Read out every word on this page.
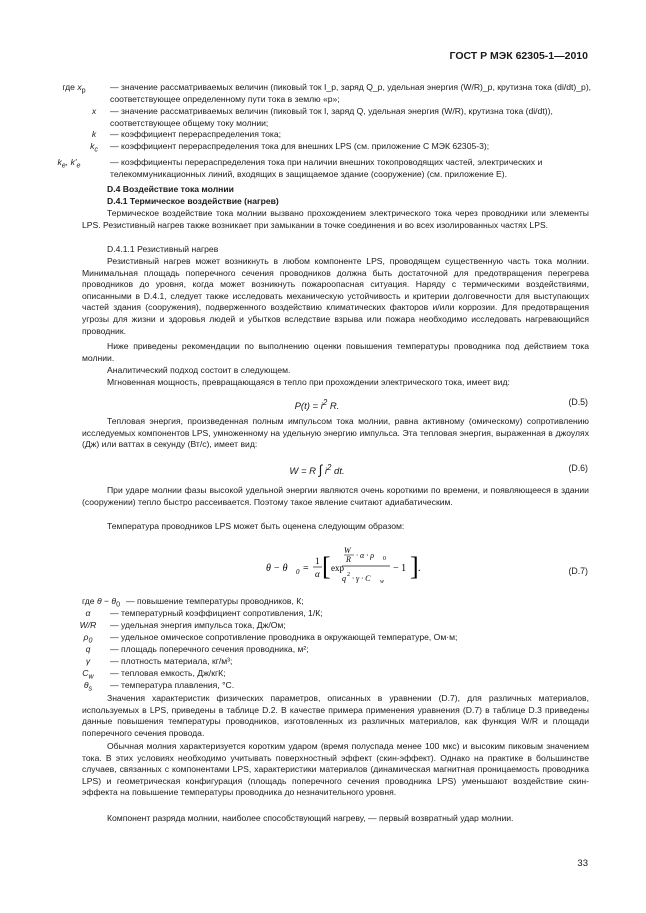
ГОСТ Р МЭК 62305-1—2010
где $x_p$	— значение рассматриваемых величин (пиковый ток I_p, заряд Q_p, удельная энергия (W/R)_p, крутизна тока (di/dt)_p), соответствующее определенному пути тока в землю «p»;
x	— значение рассматриваемых величин (пиковый ток I, заряд Q, удельная энергия (W/R), крутизна тока (di/dt)), соответствующее общему току молнии;
k	— коэффициент перераспределения тока;
$k_c$	— коэффициент перераспределения тока для внешних LPS (см. приложение С МЭК 62305-3);
$k_e$, $k'_e$	— коэффициенты перераспределения тока при наличии внешних токопроводящих частей, электрических и телекоммуникационных линий, входящих в защищаемое здание (сооружение) (см. приложение Е).
D.4 Воздействие тока молнии
D.4.1 Термическое воздействие (нагрев)
Термическое воздействие тока молнии вызвано прохождением электрического тока через проводники или элементы LPS. Резистивный нагрев также возникает при замыкании в точке соединения и во всех изолированных частях LPS.
D.4.1.1 Резистивный нагрев
Резистивный нагрев может возникнуть в любом компоненте LPS, проводящем существенную часть тока молнии. Минимальная площадь поперечного сечения проводников должна быть достаточной для предотвращения перегрева проводников до уровня, когда может возникнуть пожароопасная ситуация. Наряду с термическими воздействиями, описанными в D.4.1, следует также исследовать механическую устойчивость и критерии долговечности для выступающих частей здания (сооружения), подверженного воздействию климатических факторов и/или коррозии. Для предотвращения угрозы для жизни и здоровья людей и убытков вследствие взрыва или пожара необходимо исследовать нагревающийся проводник.
Ниже приведены рекомендации по выполнению оценки повышения температуры проводника под действием тока молнии.
Аналитический подход состоит в следующем.
Мгновенная мощность, превращающаяся в тепло при прохождении электрического тока, имеет вид:
$P(t) = i^2$ R.	(D.5)
Тепловая энергия, произведенная полным импульсом тока молнии, равна активному (омическому) сопротивлению исследуемых компонентов LPS, умноженному на удельную энергию импульса. Эта тепловая энергия, выраженная в джоулях (Дж) или ваттах в секунду (Вт/с), имеет вид:
W = R ∫ $i^2$ dt.	(D.6)
При ударе молнии фазы высокой удельной энергии являются очень короткими по времени, и появляющееся в здании (сооружении) тепло быстро рассеивается. Поэтому такое явление считают адиабатическим.
Температура проводников LPS может быть оценена следующим образом:
θ − θ 0 =
1
α [ exp
W
R · α · ρ 0
q 2 · γ · C w
− 1 ] .	(D.7)
где $\theta - \theta_0$ — повышение температуры проводников, К;
α	— температурный коэффициент сопротивления, 1/К;
W/R	— удельная энергия импульса тока, Дж/Ом;
$\rho_0$	— удельное омическое сопротивление проводника в окружающей температуре, Ом·м;
q	— площадь поперечного сечения проводника, м²;
γ	— плотность материала, кг/м³;
$C_w$	— тепловая емкость, Дж/кгК;
$\theta_s$	— температура плавления, °С.
Значения характеристик физических параметров, описанных в уравнении (D.7), для различных материалов, используемых в LPS, приведены в таблице D.2. В качестве примера применения уравнения (D.7) в таблице D.3 приведены данные повышения температуры проводников, изготовленных из различных материалов, как функция W/R и площади поперечного сечения провода.
Обычная молния характеризуется коротким ударом (время полуспада менее 100 мкс) и высоким пиковым значением тока. В этих условиях необходимо учитывать поверхностный эффект (скин-эффект). Однако на практике в большинстве случаев, связанных с компонентами LPS, характеристики материалов (динамическая магнитная проницаемость проводника LPS) и геометрическая конфигурация (площадь поперечного сечения проводника LPS) уменьшают воздействие скин-эффекта на повышение температуры проводника до незначительного уровня.
Компонент разряда молнии, наиболее способствующий нагреву, — первый возвратный удар молнии.
33
